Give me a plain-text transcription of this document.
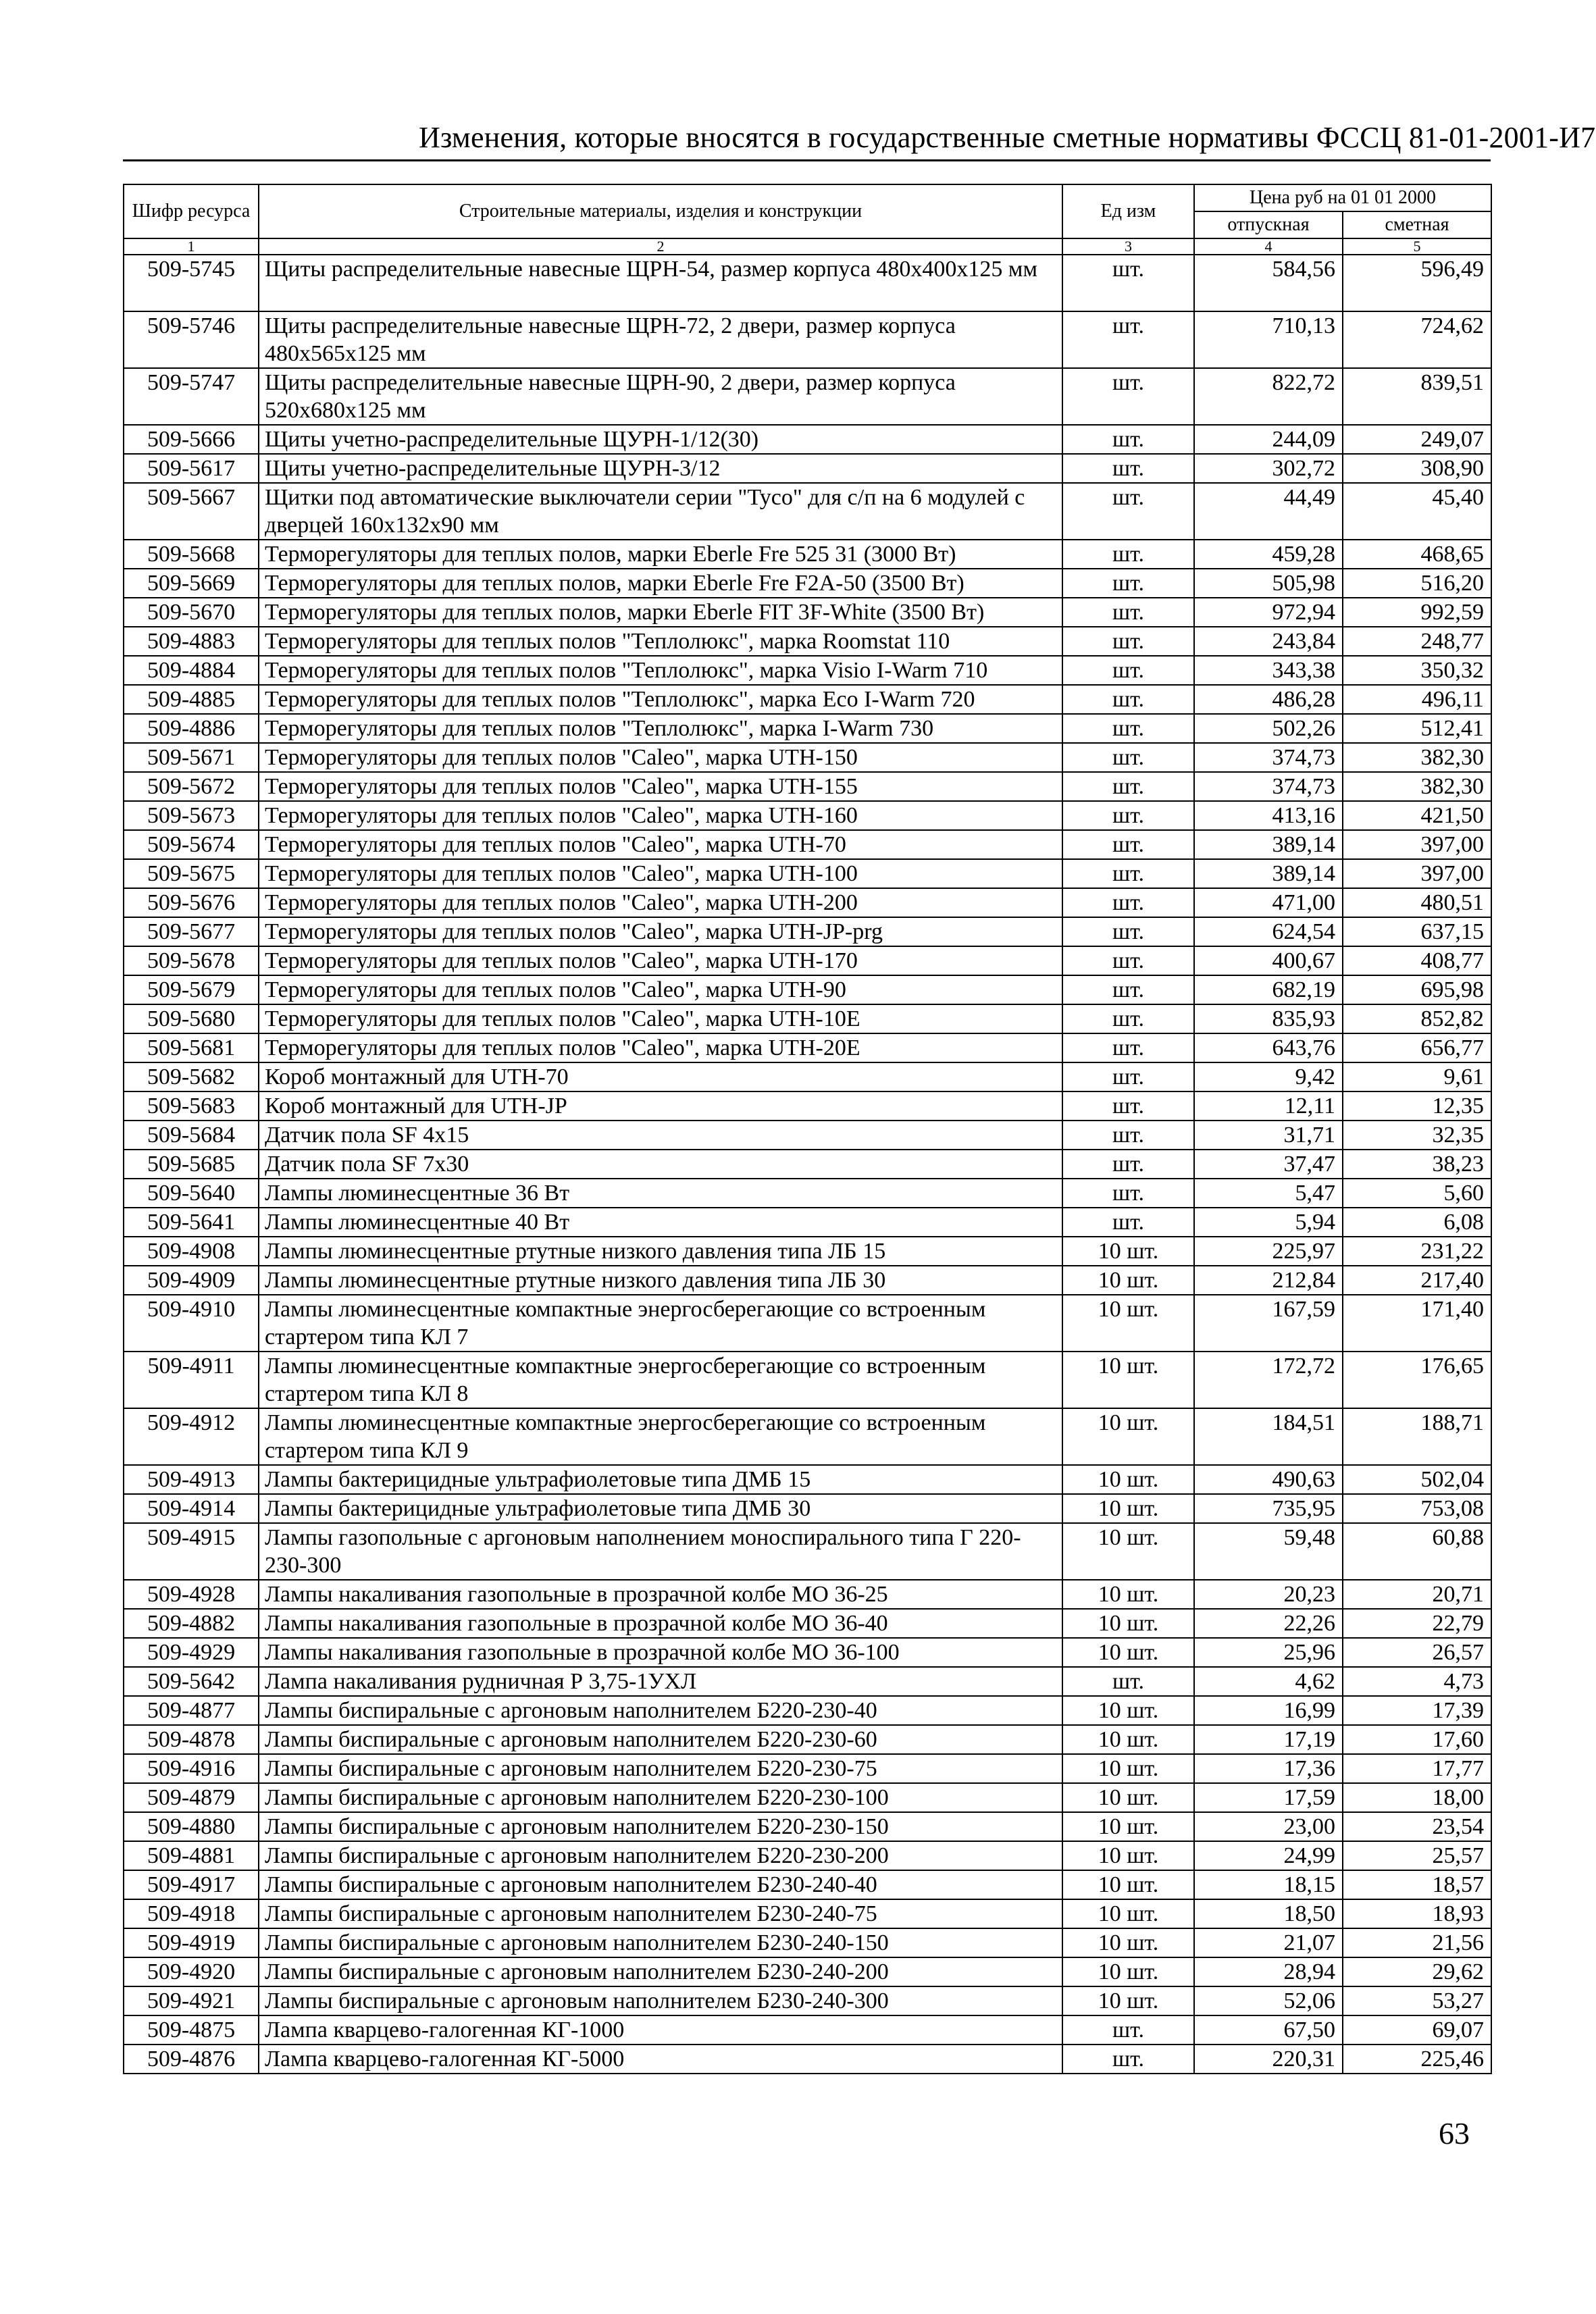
Изменения, которые вносятся в государственные сметные нормативы ФССЦ 81-01-2001-И7
Шифр ресурса	Строительные материалы, изделия и конструкции	Ед изм	Цена руб на 01 01 2000	
			отпускная	сметная
1	2	3	4	5
509-5745	Щиты распределительные навесные ЩРН-54, размер корпуса 480х400х125 мм	шт.	584,56	596,49
509-5746	Щиты распределительные навесные ЩРН-72, 2 двери, размер корпуса 480х565х125 мм	шт.	710,13	724,62
509-5747	Щиты распределительные навесные ЩРН-90, 2 двери, размер корпуса 520х680х125 мм	шт.	822,72	839,51
509-5666	Щиты учетно-распределительные ЩУРН-1/12(30)	шт.	244,09	249,07
509-5617	Щиты учетно-распределительные ЩУРН-3/12	шт.	302,72	308,90
509-5667	Щитки под автоматические выключатели серии "Tyco" для с/п на 6 модулей с дверцей 160х132х90 мм	шт.	44,49	45,40
509-5668	Терморегуляторы для теплых полов, марки Eberle Fre 525 31 (3000 Вт)	шт.	459,28	468,65
509-5669	Терморегуляторы для теплых полов, марки Eberle Fre F2A-50 (3500 Вт)	шт.	505,98	516,20
509-5670	Терморегуляторы для теплых полов, марки Eberle FIT 3F-White (3500 Вт)	шт.	972,94	992,59
509-4883	Терморегуляторы для теплых полов "Теплолюкс", марка Roomstat 110	шт.	243,84	248,77
509-4884	Терморегуляторы для теплых полов "Теплолюкс", марка Visio I-Warm 710	шт.	343,38	350,32
509-4885	Терморегуляторы для теплых полов "Теплолюкс", марка Eco I-Warm 720	шт.	486,28	496,11
509-4886	Терморегуляторы для теплых полов "Теплолюкс", марка I-Warm 730	шт.	502,26	512,41
509-5671	Терморегуляторы для теплых полов "Caleo", марка UTH-150	шт.	374,73	382,30
509-5672	Терморегуляторы для теплых полов "Caleo", марка UTH-155	шт.	374,73	382,30
509-5673	Терморегуляторы для теплых полов "Caleo", марка UTH-160	шт.	413,16	421,50
509-5674	Терморегуляторы для теплых полов "Caleo", марка UTH-70	шт.	389,14	397,00
509-5675	Терморегуляторы для теплых полов "Caleo", марка UTH-100	шт.	389,14	397,00
509-5676	Терморегуляторы для теплых полов "Caleo", марка UTH-200	шт.	471,00	480,51
509-5677	Терморегуляторы для теплых полов "Caleo", марка UTH-JP-prg	шт.	624,54	637,15
509-5678	Терморегуляторы для теплых полов "Caleo", марка UTH-170	шт.	400,67	408,77
509-5679	Терморегуляторы для теплых полов "Caleo", марка UTH-90	шт.	682,19	695,98
509-5680	Терморегуляторы для теплых полов "Caleo", марка UTH-10E	шт.	835,93	852,82
509-5681	Терморегуляторы для теплых полов "Caleo", марка UTH-20E	шт.	643,76	656,77
509-5682	Короб монтажный для UTH-70	шт.	9,42	9,61
509-5683	Короб монтажный для UTH-JP	шт.	12,11	12,35
509-5684	Датчик пола SF 4х15	шт.	31,71	32,35
509-5685	Датчик пола SF 7х30	шт.	37,47	38,23
509-5640	Лампы люминесцентные 36 Вт	шт.	5,47	5,60
509-5641	Лампы люминесцентные 40 Вт	шт.	5,94	6,08
509-4908	Лампы люминесцентные ртутные низкого давления типа ЛБ 15	10 шт.	225,97	231,22
509-4909	Лампы люминесцентные ртутные низкого давления типа ЛБ 30	10 шт.	212,84	217,40
509-4910	Лампы люминесцентные компактные энергосберегающие со встроенным стартером типа КЛ 7	10 шт.	167,59	171,40
509-4911	Лампы люминесцентные компактные энергосберегающие со встроенным стартером типа КЛ 8	10 шт.	172,72	176,65
509-4912	Лампы люминесцентные компактные энергосберегающие со встроенным стартером типа КЛ 9	10 шт.	184,51	188,71
509-4913	Лампы бактерицидные ультрафиолетовые типа ДМБ 15	10 шт.	490,63	502,04
509-4914	Лампы бактерицидные ультрафиолетовые типа ДМБ 30	10 шт.	735,95	753,08
509-4915	Лампы газопольные с аргоновым наполнением моноспирального типа Г 220-230-300	10 шт.	59,48	60,88
509-4928	Лампы накаливания газопольные в прозрачной колбе МО 36-25	10 шт.	20,23	20,71
509-4882	Лампы накаливания газопольные в прозрачной колбе МО 36-40	10 шт.	22,26	22,79
509-4929	Лампы накаливания газопольные в прозрачной колбе МО 36-100	10 шт.	25,96	26,57
509-5642	Лампа накаливания рудничная Р 3,75-1УХЛ	шт.	4,62	4,73
509-4877	Лампы биспиральные с аргоновым наполнителем Б220-230-40	10 шт.	16,99	17,39
509-4878	Лампы биспиральные с аргоновым наполнителем Б220-230-60	10 шт.	17,19	17,60
509-4916	Лампы биспиральные с аргоновым наполнителем Б220-230-75	10 шт.	17,36	17,77
509-4879	Лампы биспиральные с аргоновым наполнителем Б220-230-100	10 шт.	17,59	18,00
509-4880	Лампы биспиральные с аргоновым наполнителем Б220-230-150	10 шт.	23,00	23,54
509-4881	Лампы биспиральные с аргоновым наполнителем Б220-230-200	10 шт.	24,99	25,57
509-4917	Лампы биспиральные с аргоновым наполнителем Б230-240-40	10 шт.	18,15	18,57
509-4918	Лампы биспиральные с аргоновым наполнителем Б230-240-75	10 шт.	18,50	18,93
509-4919	Лампы биспиральные с аргоновым наполнителем Б230-240-150	10 шт.	21,07	21,56
509-4920	Лампы биспиральные с аргоновым наполнителем Б230-240-200	10 шт.	28,94	29,62
509-4921	Лампы биспиральные с аргоновым наполнителем Б230-240-300	10 шт.	52,06	53,27
509-4875	Лампа кварцево-галогенная КГ-1000	шт.	67,50	69,07
509-4876	Лампа кварцево-галогенная КГ-5000	шт.	220,31	225,46
63
